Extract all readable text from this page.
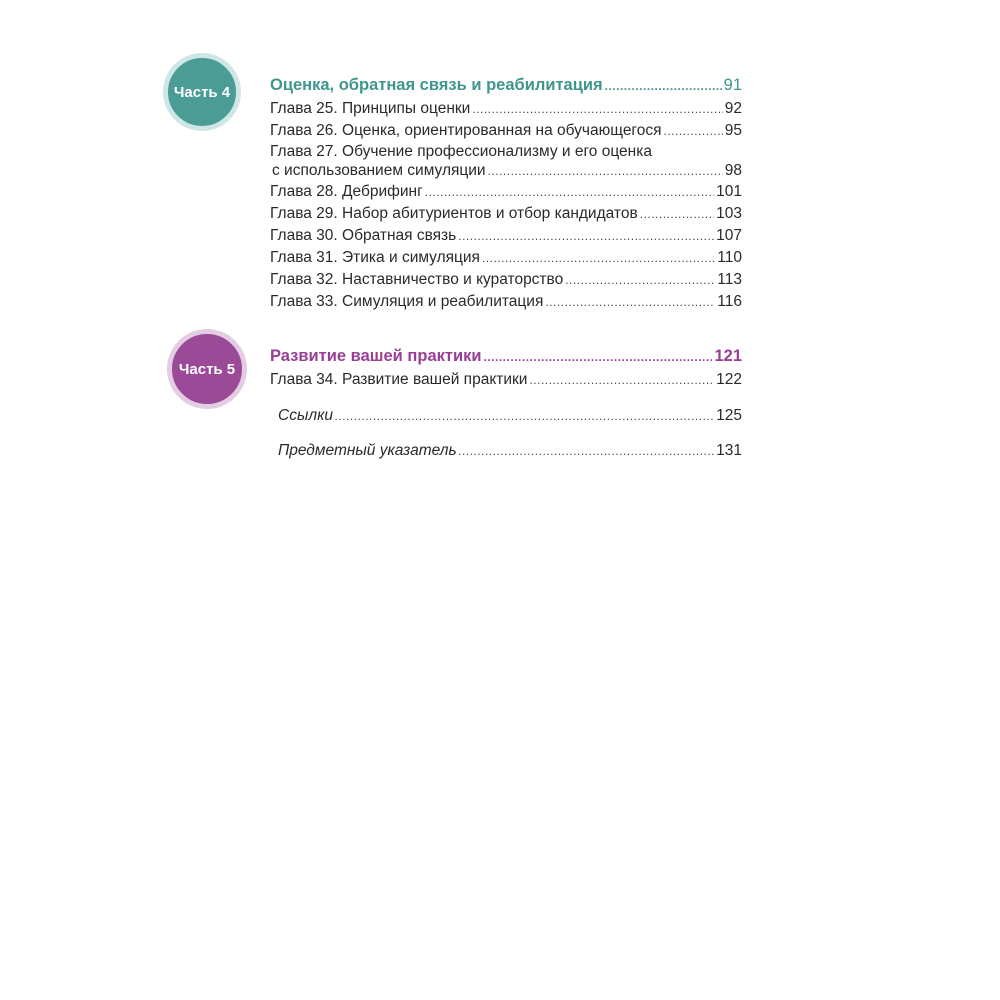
Часть 4 Оценка, обратная связь и реабилитация .....	91
Глава 25. Принципы оценки .....	92
Глава 26. Оценка, ориентированная на обучающегося .....	95
Глава 27. Обучение профессионализму и его оценка
с использованием симуляции .....	98
Глава 28. Дебрифинг .....	101
Глава 29. Набор абитуриентов и отбор кандидатов .....	103
Глава 30. Обратная связь .....	107
Глава 31. Этика и симуляция .....	110
Глава 32. Наставничество и кураторство .....	113
Глава 33. Симуляция и реабилитация .....	116
Часть 5
Развитие вашей практики .....	121
Глава 34. Развитие вашей практики .....	122
Ссылки .....	125
Предметный указатель .....	131
